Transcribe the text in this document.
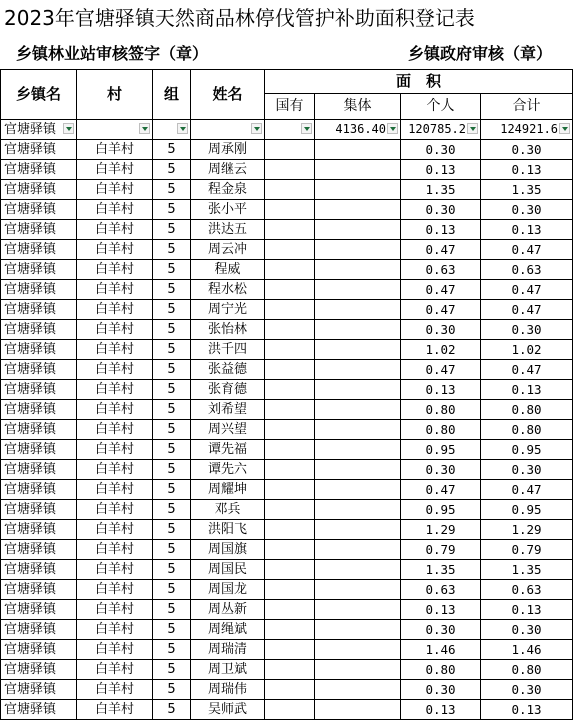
2023年官塘驿镇天然商品林停伐管护补助面积登记表
乡镇林业站审核签字（章）	乡镇政府审核（章）
乡镇名	村	组	姓名	面　积			
				国有	集体	个人	合计

官塘驿镇					4136.40	120785.2	124921.6

官塘驿镇	白羊村	5	周承刚			0.30	0.30
官塘驿镇	白羊村	5	周继云			0.13	0.13
官塘驿镇	白羊村	5	程金泉			1.35	1.35
官塘驿镇	白羊村	5	张小平			0.30	0.30
官塘驿镇	白羊村	5	洪达五			0.13	0.13
官塘驿镇	白羊村	5	周云冲			0.47	0.47
官塘驿镇	白羊村	5	程威			0.63	0.63
官塘驿镇	白羊村	5	程水松			0.47	0.47
官塘驿镇	白羊村	5	周宁光			0.47	0.47
官塘驿镇	白羊村	5	张怡林			0.30	0.30
官塘驿镇	白羊村	5	洪千四			1.02	1.02
官塘驿镇	白羊村	5	张益德			0.47	0.47
官塘驿镇	白羊村	5	张育德			0.13	0.13
官塘驿镇	白羊村	5	刘希望			0.80	0.80
官塘驿镇	白羊村	5	周兴望			0.80	0.80
官塘驿镇	白羊村	5	谭先福			0.95	0.95
官塘驿镇	白羊村	5	谭先六			0.30	0.30
官塘驿镇	白羊村	5	周耀坤			0.47	0.47
官塘驿镇	白羊村	5	邓兵			0.95	0.95
官塘驿镇	白羊村	5	洪阳飞			1.29	1.29
官塘驿镇	白羊村	5	周国旗			0.79	0.79
官塘驿镇	白羊村	5	周国民			1.35	1.35
官塘驿镇	白羊村	5	周国龙			0.63	0.63
官塘驿镇	白羊村	5	周丛新			0.13	0.13
官塘驿镇	白羊村	5	周绳斌			0.30	0.30
官塘驿镇	白羊村	5	周瑞清			1.46	1.46
官塘驿镇	白羊村	5	周卫斌			0.80	0.80
官塘驿镇	白羊村	5	周瑞伟			0.30	0.30
官塘驿镇	白羊村	5	吴师武			0.13	0.13
